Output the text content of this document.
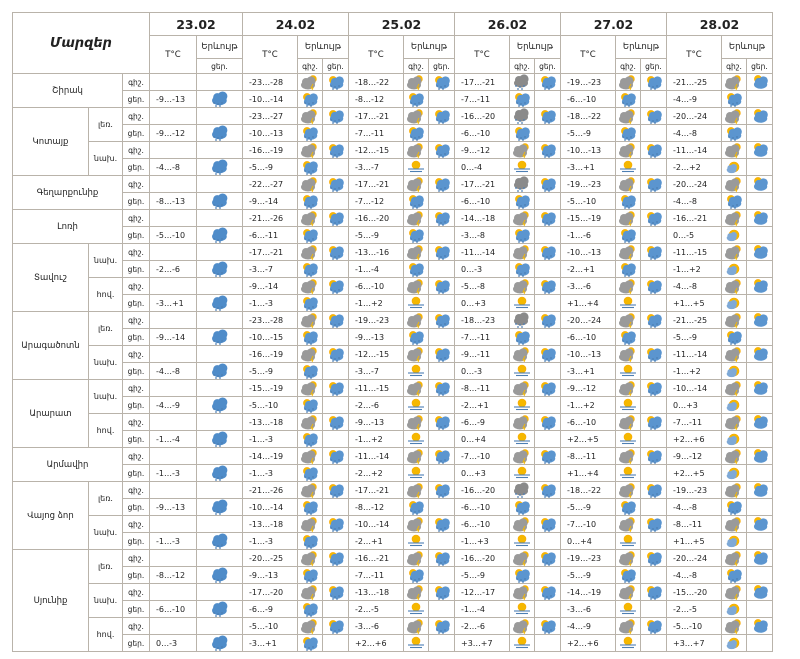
Մարզեր			23.02		24.02			25.02			26.02			27.02			28.02		
			T°C	Երևույթ	T°C	Երևույթ		T°C	Երևույթ		T°C	Երևույթ		T°C	Երևույթ		T°C	Երևույթ	
				ցեր.		գիշ.	ցեր.		գիշ.	ցեր.		գիշ.	ցեր.		գիշ.	ցեր.		գիշ.	ցեր.
Շիրակ		գիշ.			-23…-28			-18…-22			-17…-21			-19…-23			-21…-25	

		ցեր.	-9…-13		-10…-14			-8…-12			-7…-11			-6…-10			-4…-9	

Կոտայք	լեռ.	գիշ.			-23…-27			-17…-21			-16…-20			-18…-22			-20…-24	

		ցեր.	-9…-12		-10…-13			-7…-11			-6…-10			-5…-9			-4…-8	

	նախ.	գիշ.			-16…-19			-12…-15			-9…-12			-10…-13			-11…-14	

		ցեր.	-4…-8		-5…-9			-3…-7			0…-4			-3…+1			-2…+2	

Գեղարքունիք		գիշ.			-22…-27			-17…-21			-17…-21			-19…-23			-20…-24	

		ցեր.	-8…-13		-9…-14			-7…-12			-6…-10			-5…-10			-4…-8	

Լոռի		գիշ.			-21…-26			-16…-20			-14…-18			-15…-19			-16…-21	

		ցեր.	-5…-10		-6…-11			-5…-9			-3…-8			-1…-6			0…-5	

Տավուշ	նախ.	գիշ.			-17…-21			-13…-16			-11…-14			-10…-13			-11…-15	

		ցեր.	-2…-6		-3…-7			-1…-4			0…-3			-2…+1			-1…+2	

	հով.	գիշ.			-9…-14			-6…-10			-5…-8			-3…-6			-4…-8	

		ցեր.	-3…+1		-1…-3			-1…+2			0…+3			+1…+4			+1…+5	

Արագածոտն	լեռ.	գիշ.			-23…-28			-19…-23			-18…-23			-20…-24			-21…-25	

		ցեր.	-9…-14		-10…-15			-9…-13			-7…-11			-6…-10			-5…-9	

	նախ.	գիշ.			-16…-19			-12…-15			-9…-11			-10…-13			-11…-14	

		ցեր.	-4…-8		-5…-9			-3…-7			0…-3			-3…+1			-1…+2	

Արարատ	նախ.	գիշ.			-15…-19			-11…-15			-8…-11			-9…-12			-10…-14	

		ցեր.	-4…-9		-5…-10			-2…-6			-2…+1			-1…+2			0…+3	

	հով.	գիշ.			-13…-18			-9…-13			-6…-9			-6…-10			-7…-11	

		ցեր.	-1…-4		-1…-3			-1…+2			0…+4			+2…+5			+2…+6	

Արմավիր		գիշ.			-14…-19			-11…-14			-7…-10			-8…-11			-9…-12	

		ցեր.	-1…-3		-1…-3			-2…+2			0…+3			+1…+4			+2…+5	

Վայոց ձոր	լեռ.	գիշ.			-21…-26			-17…-21			-16…-20			-18…-22			-19…-23	

		ցեր.	-9…-13		-10…-14			-8…-12			-6…-10			-5…-9			-4…-8	

	նախ.	գիշ.			-13…-18			-10…-14			-6…-10			-7…-10			-8…-11	

		ցեր.	-1…-3		-1…-3			-2…+1			-1…+3			0…+4			+1…+5	

Սյունիք	լեռ.	գիշ.			-20…-25			-16…-21			-16…-20			-19…-23			-20…-24	

		ցեր.	-8…-12		-9…-13			-7…-11			-5…-9			-5…-9			-4…-8	

	նախ.	գիշ.			-17…-20			-13…-18			-12…-17			-14…-19			-15…-20	

		ցեր.	-6…-10		-6…-9			-2…-5			-1…-4			-3…-6			-2…-5	

	հով.	գիշ.			-5…-10			-3…-6			-2…-6			-4…-9			-5…-10	

		ցեր.	0…-3		-3…+1			+2…+6			+3…+7			+2…+6			+3…+7	
